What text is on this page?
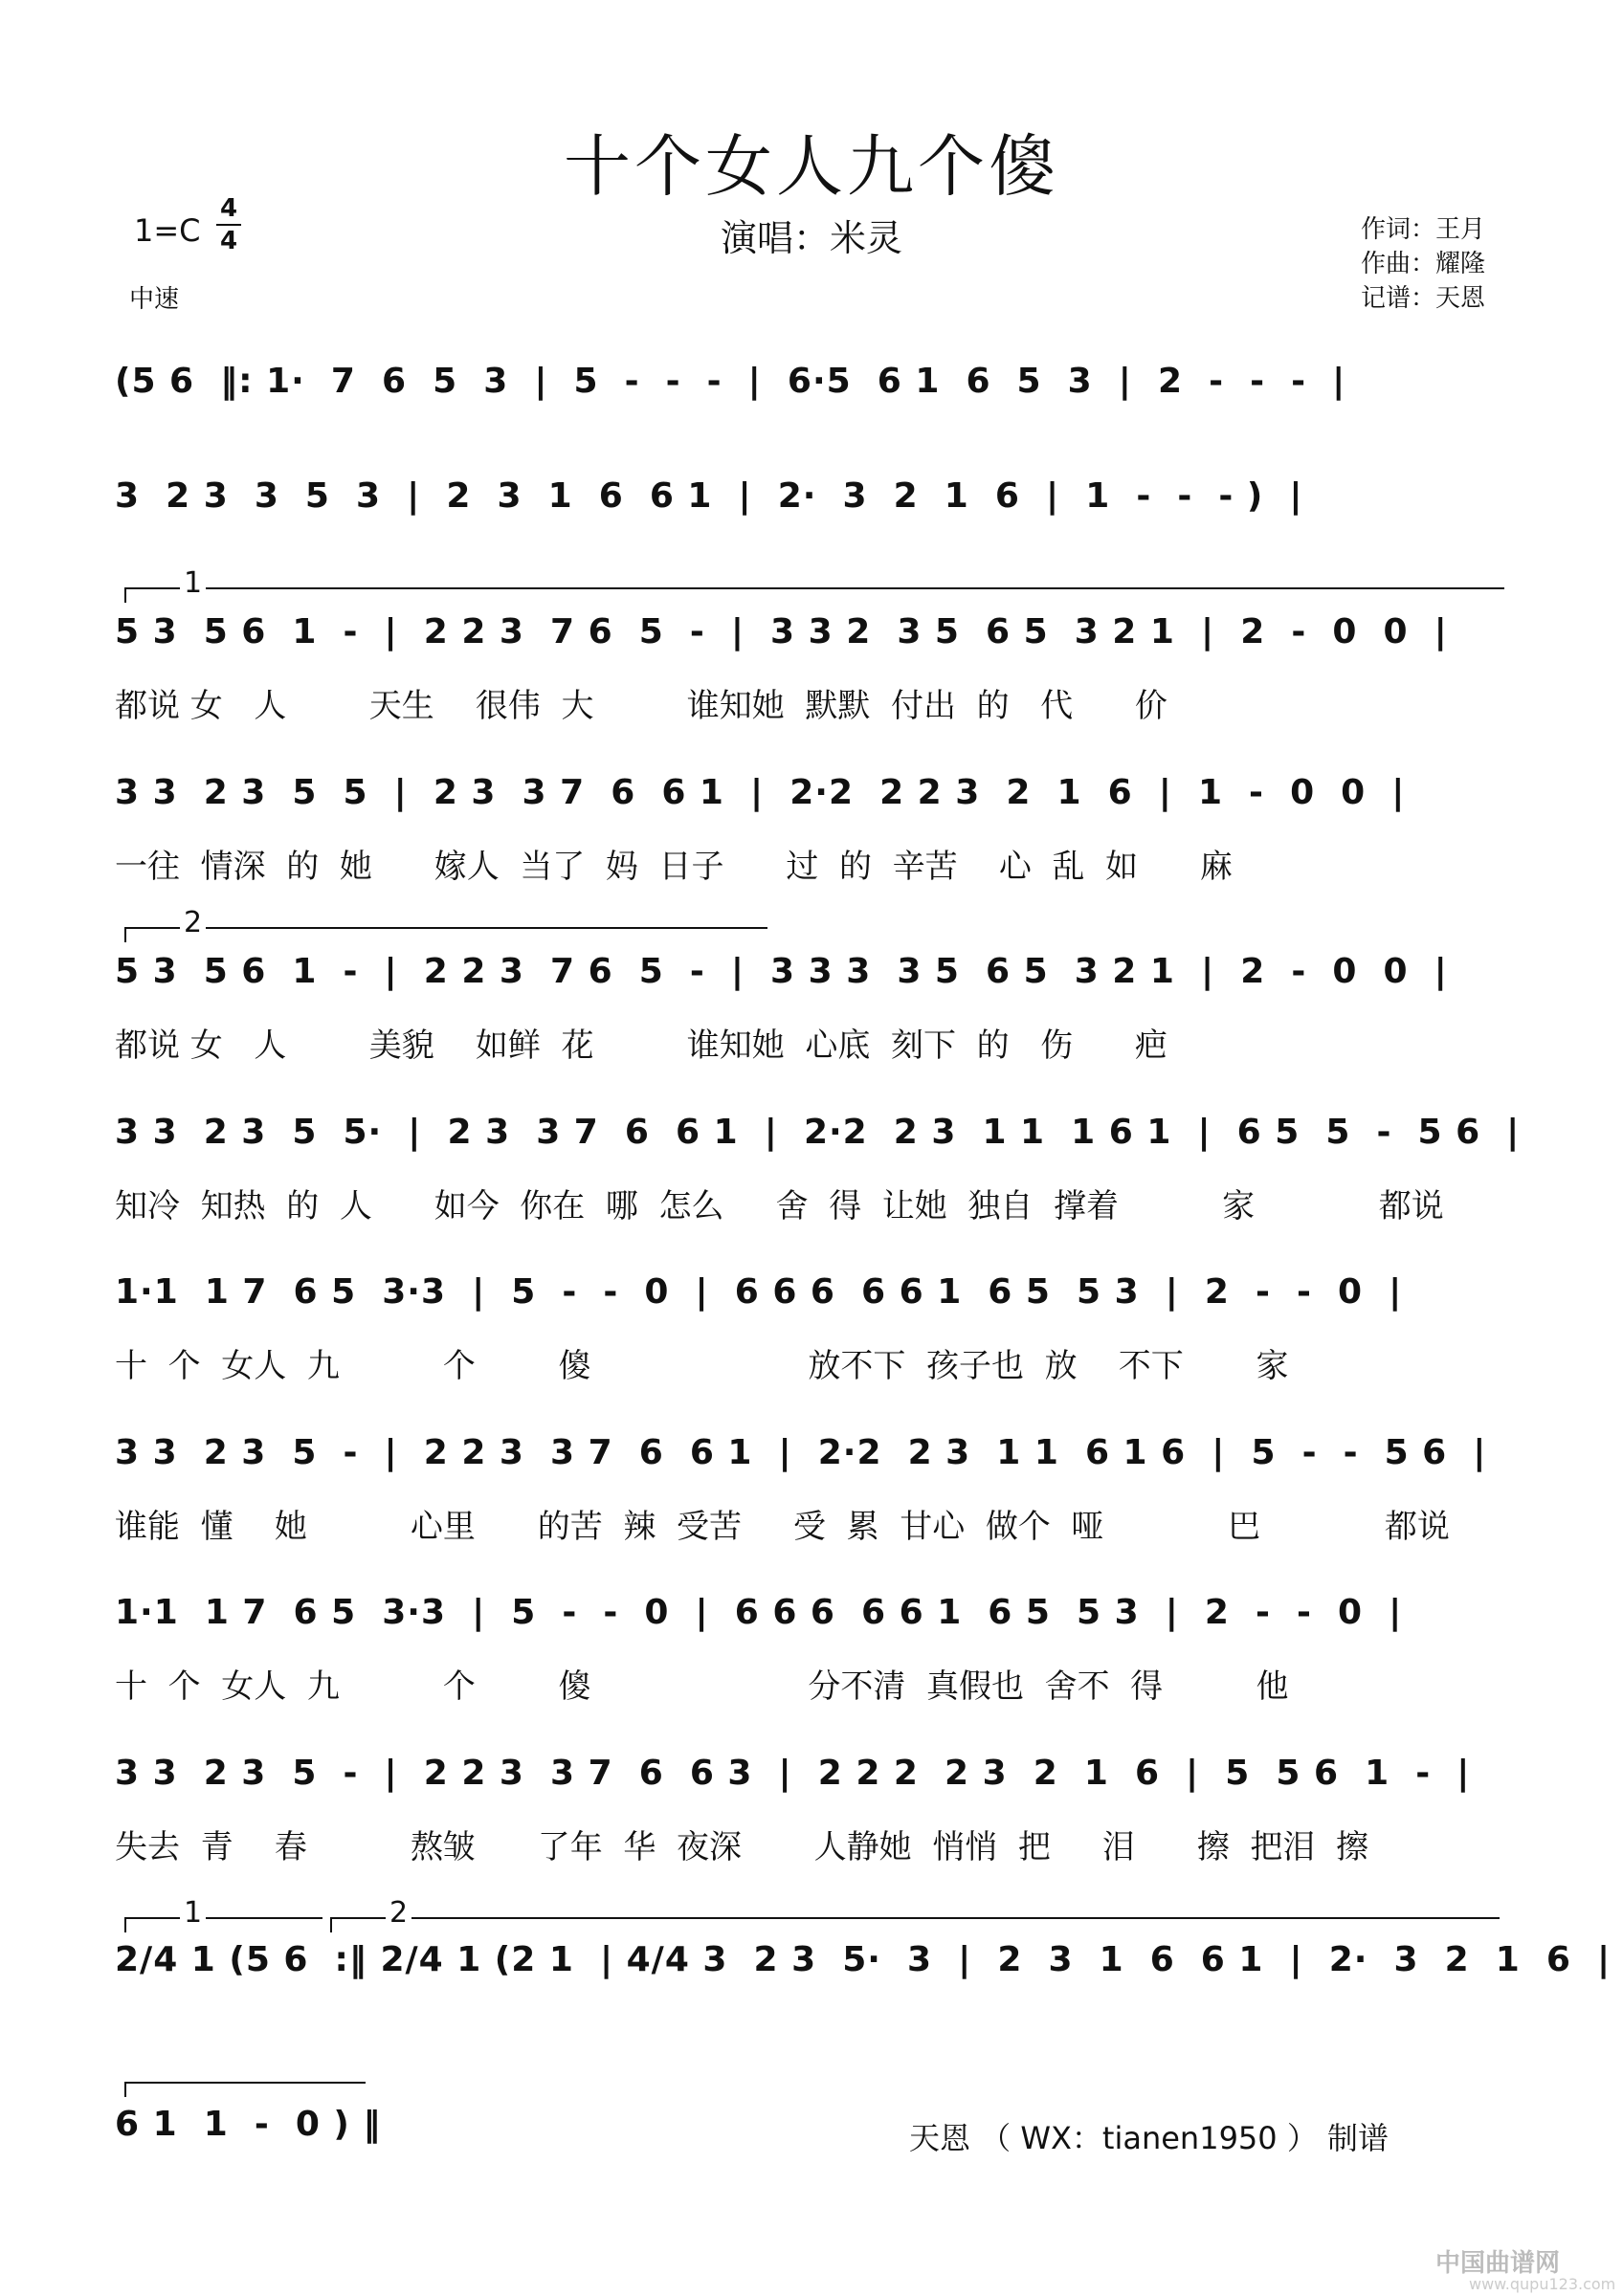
十个女人九个傻
演唱：米灵
1=C
4
4
中速
作词：王月
作曲：耀隆
记谱：天恩
(5 6  ‖: 1·  7  6  5  3  |  5  -  -  -  |  6·5  6 1  6  5  3  |  2  -  -  -  |
3  2 3  3  5  3  |  2  3  1  6  6 1  |  2·  3  2  1  6  |  1  -  -  - )  |
1
5 3  5 6  1  -  |  2 2 3  7 6  5  -  |  3 3 2  3 5  6 5  3 2 1  |  2  -  0  0  |
都说 女   人        天生    很伟  大         谁知她  默默  付出  的   代      价
3 3  2 3  5  5  |  2 3  3 7  6  6 1  |  2·2  2 2 3  2  1  6  |  1  -  0  0  |
一往  情深  的  她      嫁人  当了  妈  日子      过  的  辛苦    心  乱  如      麻
2
5 3  5 6  1  -  |  2 2 3  7 6  5  -  |  3 3 3  3 5  6 5  3 2 1  |  2  -  0  0  |
都说 女   人        美貌    如鲜  花         谁知她  心底  刻下  的   伤      疤
3 3  2 3  5  5·  |  2 3  3 7  6  6 1  |  2·2  2 3  1 1  1 6 1  |  6 5  5  -  5 6  |
知冷  知热  的  人      如今  你在  哪  怎么     舍  得  让她  独自  撑着          家            都说
1·1  1 7  6 5  3·3  |  5  -  -  0  |  6 6 6  6 6 1  6 5  5 3  |  2  -  -  0  |
十  个  女人  九          个        傻                     放不下  孩子也  放    不下       家
3 3  2 3  5  -  |  2 2 3  3 7  6  6 1  |  2·2  2 3  1 1  6 1 6  |  5  -  -  5 6  |
谁能  懂    她          心里      的苦  辣  受苦     受  累  甘心  做个  哑            巴            都说
1·1  1 7  6 5  3·3  |  5  -  -  0  |  6 6 6  6 6 1  6 5  5 3  |  2  -  -  0  |
十  个  女人  九          个        傻                     分不清  真假也  舍不  得         他
3 3  2 3  5  -  |  2 2 3  3 7  6  6 3  |  2 2 2  2 3  2  1  6  |  5  5 6  1  -  |
失去  青    春          熬皱      了年  华  夜深       人静她  悄悄  把     泪      擦  把泪  擦
1	2
2/4 1 (5 6  :‖ 2/4 1 (2 1  | 4/4 3  2 3  5·  3  |  2  3  1  6  6 1  |  2·  3  2  1  6  |
6 1  1  -  0 ) ‖	天恩 （ WX：tianen1950 ） 制谱
中国曲谱网
www.qupu123.com
